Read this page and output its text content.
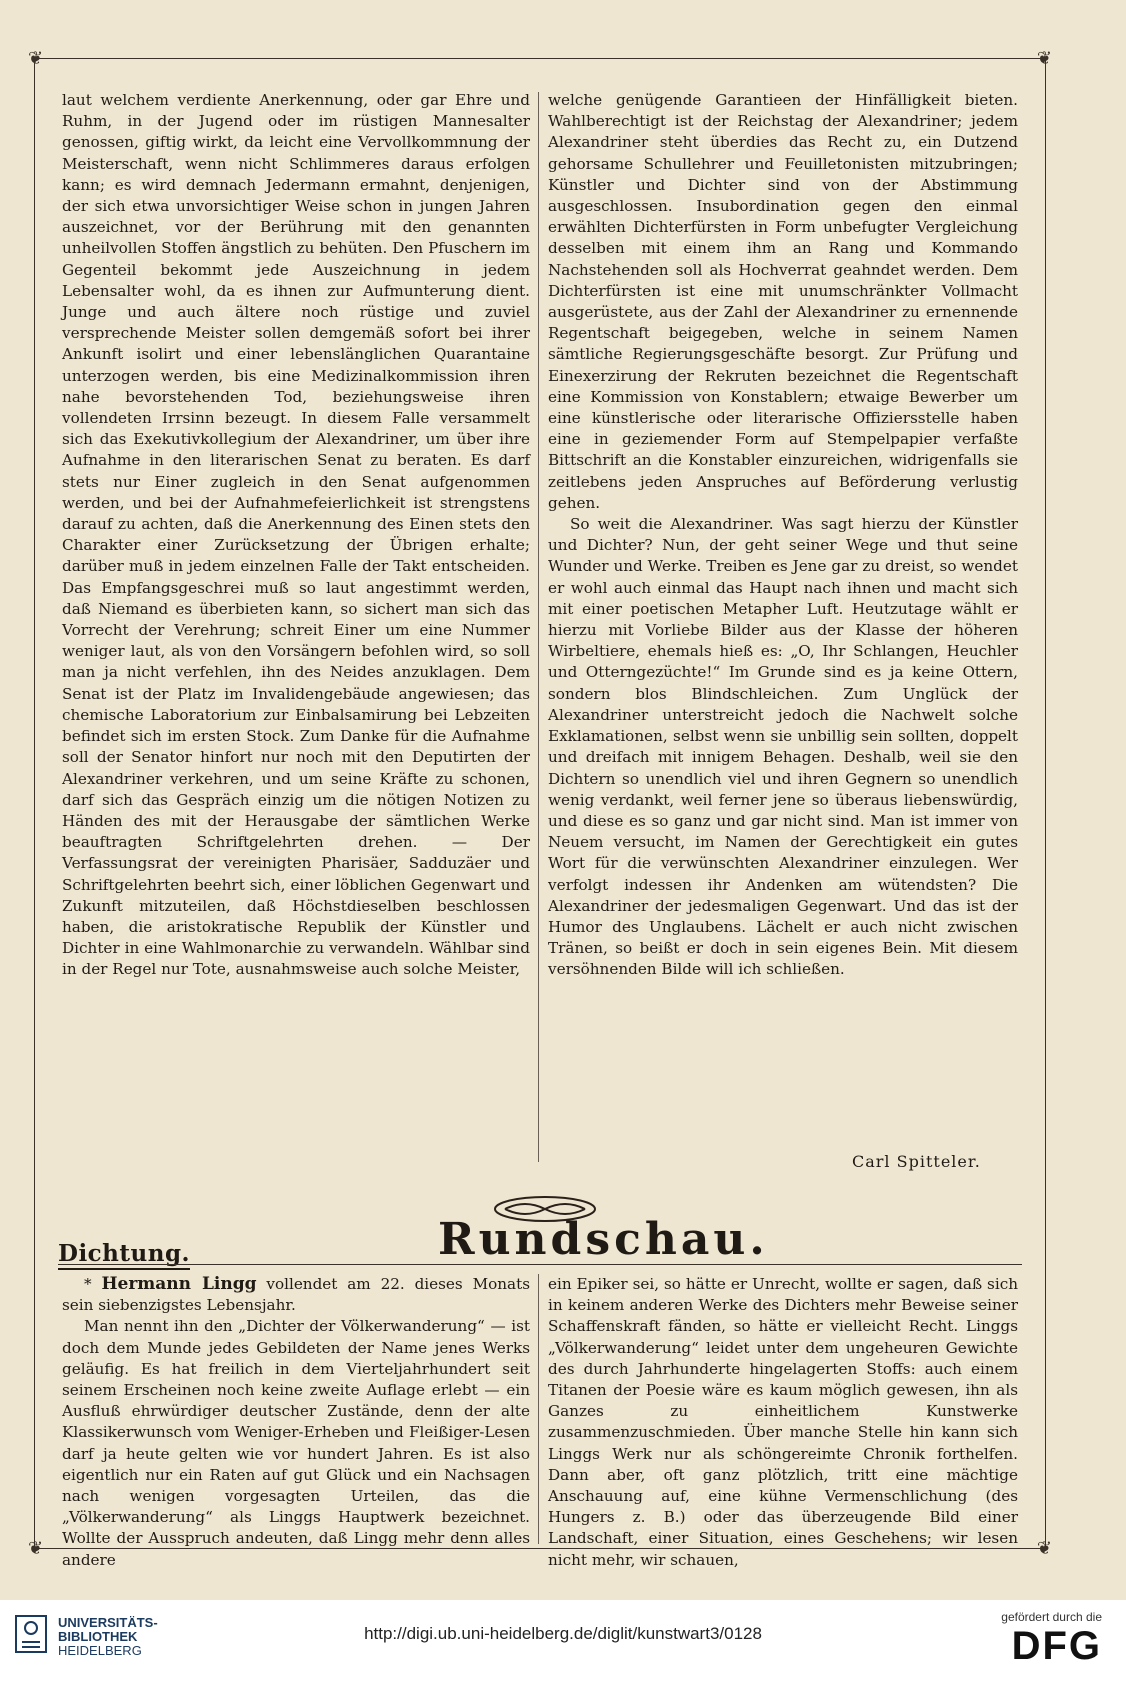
❦	❦
❦	❦

laut welchem verdiente Anerkennung, oder gar Ehre und Ruhm, in der Jugend oder im rüstigen Mannesalter genossen, giftig wirkt, da leicht eine Vervollkommnung der Meisterschaft, wenn nicht Schlimmeres daraus erfolgen kann; es wird demnach Jedermann ermahnt, denjenigen, der sich etwa unvorsichtiger Weise schon in jungen Jahren auszeichnet, vor der Berührung mit den genannten unheilvollen Stoffen ängstlich zu behüten. Den Pfuschern im Gegenteil bekommt jede Auszeichnung in jedem Lebensalter wohl, da es ihnen zur Aufmunterung dient. Junge und auch ältere noch rüstige und zuviel versprechende Meister sollen demgemäß sofort bei ihrer Ankunft isolirt und einer lebenslänglichen Quarantaine unterzogen werden, bis eine Medizinalkommission ihren nahe bevorstehenden Tod, beziehungsweise ihren vollendeten Irrsinn bezeugt. In diesem Falle versammelt sich das Exekutivkollegium der Alexandriner, um über ihre Aufnahme in den literarischen Senat zu beraten. Es darf stets nur Einer zugleich in den Senat aufgenommen werden, und bei der Aufnahmefeierlichkeit ist strengstens darauf zu achten, daß die Anerkennung des Einen stets den Charakter einer Zurücksetzung der Übrigen erhalte; darüber muß in jedem einzelnen Falle der Takt entscheiden. Das Empfangsgeschrei muß so laut angestimmt werden, daß Niemand es überbieten kann, so sichert man sich das Vorrecht der Verehrung; schreit Einer um eine Nummer weniger laut, als von den Vorsängern befohlen wird, so soll man ja nicht verfehlen, ihn des Neides anzuklagen. Dem Senat ist der Platz im Invalidengebäude angewiesen; das chemische Laboratorium zur Einbalsamirung bei Lebzeiten befindet sich im ersten Stock. Zum Danke für die Aufnahme soll der Senator hinfort nur noch mit den Deputirten der Alexandriner verkehren, und um seine Kräfte zu schonen, darf sich das Gespräch einzig um die nötigen Notizen zu Händen des mit der Herausgabe der sämtlichen Werke beauftragten Schriftgelehrten drehen. — Der Verfassungsrat der vereinigten Pharisäer, Sadduzäer und Schriftgelehrten beehrt sich, einer löblichen Gegenwart und Zukunft mitzuteilen, daß Höchstdieselben beschlossen haben, die aristokratische Republik der Künstler und Dichter in eine Wahlmonarchie zu verwandeln. Wählbar sind in der Regel nur Tote, ausnahmsweise auch solche Meister,

welche genügende Garantieen der Hinfälligkeit bieten. Wahlberechtigt ist der Reichstag der Alexandriner; jedem Alexandriner steht überdies das Recht zu, ein Dutzend gehorsame Schullehrer und Feuilletonisten mitzubringen; Künstler und Dichter sind von der Abstimmung ausgeschlossen. Insubordination gegen den einmal erwählten Dichterfürsten in Form unbefugter Vergleichung desselben mit einem ihm an Rang und Kommando Nachstehenden soll als Hochverrat geahndet werden. Dem Dichterfürsten ist eine mit unumschränkter Vollmacht ausgerüstete, aus der Zahl der Alexandriner zu ernennende Regentschaft beigegeben, welche in seinem Namen sämtliche Regierungsgeschäfte besorgt. Zur Prüfung und Einexerzirung der Rekruten bezeichnet die Regentschaft eine Kommission von Konstablern; etwaige Bewerber um eine künstlerische oder literarische Offiziersstelle haben eine in geziemender Form auf Stempelpapier verfaßte Bittschrift an die Konstabler einzureichen, widrigenfalls sie zeitlebens jeden Anspruches auf Beförderung verlustig gehen.

So weit die Alexandriner. Was sagt hierzu der Künstler und Dichter? Nun, der geht seiner Wege und thut seine Wunder und Werke. Treiben es Jene gar zu dreist, so wendet er wohl auch einmal das Haupt nach ihnen und macht sich mit einer poetischen Metapher Luft. Heutzutage wählt er hierzu mit Vorliebe Bilder aus der Klasse der höheren Wirbeltiere, ehemals hieß es: „O, Ihr Schlangen, Heuchler und Otterngezüchte!“ Im Grunde sind es ja keine Ottern, sondern blos Blindschleichen. Zum Unglück der Alexandriner unterstreicht jedoch die Nachwelt solche Exklamationen, selbst wenn sie unbillig sein sollten, doppelt und dreifach mit innigem Behagen. Deshalb, weil sie den Dichtern so unendlich viel und ihren Gegnern so unendlich wenig verdankt, weil ferner jene so überaus liebenswürdig, und diese es so ganz und gar nicht sind. Man ist immer von Neuem versucht, im Namen der Gerechtigkeit ein gutes Wort für die verwünschten Alexandriner einzulegen. Wer verfolgt indessen ihr Andenken am wütendsten? Die Alexandriner der jedesmaligen Gegenwart. Und das ist der Humor des Unglaubens. Lächelt er auch nicht zwischen Tränen, so beißt er doch in sein eigenes Bein. Mit diesem versöhnenden Bilde will ich schließen.

Carl Spitteler.
Dichtung.	Rundschau.

* Hermann Lingg vollendet am 22. dieses Monats sein siebenzigstes Lebensjahr.

Man nennt ihn den „Dichter der Völkerwanderung“ — ist doch dem Munde jedes Gebildeten der Name jenes Werks geläufig. Es hat freilich in dem Vierteljahrhundert seit seinem Erscheinen noch keine zweite Auflage erlebt — ein Ausfluß ehrwürdiger deutscher Zustände, denn der alte Klassikerwunsch vom Weniger-Erheben und Fleißiger-Lesen darf ja heute gelten wie vor hundert Jahren. Es ist also eigentlich nur ein Raten auf gut Glück und ein Nachsagen nach wenigen vorgesagten Urteilen, das die „Völkerwanderung“ als Linggs Hauptwerk bezeichnet. Wollte der Ausspruch andeuten, daß Lingg mehr denn alles andere

ein Epiker sei, so hätte er Unrecht, wollte er sagen, daß sich in keinem anderen Werke des Dichters mehr Beweise seiner Schaffenskraft fänden, so hätte er vielleicht Recht. Linggs „Völkerwanderung“ leidet unter dem ungeheuren Gewichte des durch Jahrhunderte hingelagerten Stoffs: auch einem Titanen der Poesie wäre es kaum möglich gewesen, ihn als Ganzes zu einheitlichem Kunstwerke zusammenzuschmieden. Über manche Stelle hin kann sich Linggs Werk nur als schöngereimte Chronik forthelfen. Dann aber, oft ganz plötzlich, tritt eine mächtige Anschauung auf, eine kühne Vermenschlichung (des Hungers z. B.) oder das überzeugende Bild einer Landschaft, einer Situation, eines Geschehens; wir lesen nicht mehr, wir schauen,

UNIVERSITÄTS-
BIBLIOTHEK
HEIDELBERG
http://digi.ub.uni-heidelberg.de/diglit/kunstwart3/0128
gefördert durch die
DFG
